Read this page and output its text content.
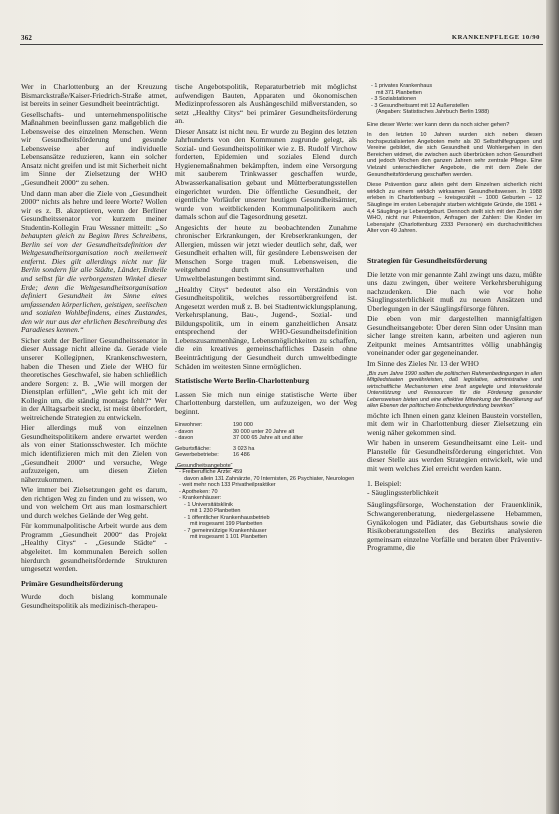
362	KRANKENPFLEGE 10/90

Wer in Charlottenburg an der Kreuzung Bismarckstraße/Kaiser-Friedrich-Straße atmet, ist bereits in seiner Gesundheit beeinträchtigt.

Gesellschafts- und unternehmenspolitische Maßnahmen beeinflussen ganz maßgeblich die Lebensweise des einzelnen Menschen. Wenn wir Gesundheitsförderung und gesunde Lebensweise aber auf individuelle Lebensansätze reduzieren, kann ein solcher Ansatz nicht greifen und ist mit Sicherheit nicht im Sinne der Zielsetzung der WHO „Gesundheit 2000“ zu sehen.

Und dann man aber die Ziele von „Gesundheit 2000“ nichts als hehre und leere Worte? Wollen wir es z. B. akzeptieren, wenn der Berliner Gesundheitssenator vor kurzem meiner Studentin-Kollegin Frau Wessner mitteilt: „So behaupten gleich zu Beginn Ihres Schreibens, Berlin sei von der Gesundheitsdefinition der Weltgesundheitsorganisation noch meilenweit entfernt. Dies gilt allerdings nicht nur für Berlin sondern für alle Städte, Länder, Erdteile und selbst für die verborgensten Winkel dieser Erde; denn die Weltgesundheitsorganisation definiert Gesundheit im Sinne eines umfassenden körperlichen, geistigen, seelischen und sozialen Wohlbefindens, eines Zustandes, den wir nur aus der ehrlichen Beschreibung des Paradieses kennen.“

Sicher steht der Berliner Gesundheitssenator in dieser Aussage nicht alleine da. Gerade viele unserer Kollegipnen, Krankenschwestern, haben die Thesen und Ziele der WHO für theoretisches Geschwafel, sie haben schließlich andere Sorgen: z. B. „Wie will morgen der Dienstplan erfüllen“, „Wie geht ich mit der Kollegin um, die ständig montags fehlt?“ Wer in der Alltagsarbeit steckt, ist meist überfordert, weitreichende Strategien zu entwickeln.

Hier allerdings muß von einzelnen Gesundheitspolitikern andere erwartet werden als von einer Stationsschwester. Ich möchte mich identifizieren mich mit den Zielen von „Gesundheit 2000“ und versuche, Wege aufzuzeigen, um diesen Zielen näherzukommen.

Wie immer bei Zielsetzungen geht es darum, den richtigen Weg zu finden und zu wissen, wo und von welchem Ort aus man losmarschiert und durch welches Gelände der Weg geht.

Für kommunalpolitische Arbeit wurde aus dem Programm „Gesundheit 2000“ das Projekt „Healthy Citys“ - „Gesunde Städte“ - abgeleitet. Im kommunalen Bereich sollen hierdurch gesundheitsfördernde Strukturen umgesetzt werden.

Primäre Gesundheitsförderung

Wurde doch bislang kommunale Gesundheitspolitik als medizinisch-therapeu-

tische Angebotspolitik, Reparaturbetrieb mit möglichst aufwendigen Bauten, Apparaten und ökonomischen Medizinprofessoren als Aushängeschild mißverstanden, so setzt „Healthy Citys“ bei primärer Gesundheitsförderung an.

Dieser Ansatz ist nicht neu. Er wurde zu Beginn des letzten Jahrhunderts von den Kommunen zugrunde gelegt, als Sozial- und Gesundheitspolitiker wie z. B. Rudolf Virchow forderten, Epidemien und soziales Elend durch Hygienemaßnahmen bekämpften, indem eine Versorgung mit sauberem Trinkwasser geschaffen wurde, Abwasserkanalisation gebaut und Mütterberatungsstellen eingerichtet wurden. Die öffentliche Gesundheit, der eigentliche Vorläufer unserer heutigen Gesundheitsämter, wurde von weitblickenden Kommunalpolitikern auch damals schon auf die Tagesordnung gesetzt.

Angesichts der heute zu beobachtenden Zunahme chronischer Erkrankungen, der Krebserkrankungen, der Allergien, müssen wir jetzt wieder deutlich sehr, daß, wer Gesundheit erhalten will, für gesündere Lebensweisen der Menschen Sorge tragen muß. Lebensweisen, die weitgehend durch Konsumverhalten und Umweltbelastungen bestimmt sind.

„Healthy Citys“ bedeutet also ein Verständnis von Gesundheitspolitik, welches ressortübergreifend ist. Angesetzt werden muß z. B. bei Stadtentwicklungsplanung, Verkehrsplanung, Bau-, Jugend-, Sozial- und Bildungspolitik, um in einem ganzheitlichen Ansatz entsprechend der WHO-Gesundheitsdefinition Lebenszusammenhänge, Lebensmöglichkeiten zu schaffen, die ein kreatives gemeinschaftliches Dasein ohne Beeinträchtigung der Gesundheit durch umweltbedingte Schäden im weitesten Sinne ermöglichen.

Statistische Werte Berlin-Charlottenburg

Lassen Sie mich nun einige statistische Werte über Charlottenburg darstellen, um aufzuzeigen, wo der Weg beginnt.

Einwohner:	190 000
- davon	30 000 unter 20 Jahre alt
- davon	37 000 65 Jahre alt und älter
Geburtsfläche:	3 023 ha
Gewerbebetriebe:	16 486
„Gesundheitsangebote“
- Freiberufliche Ärzte: 459
davon allein 131 Zahnärzte, 70 Internisten, 26 Psychiater, Neurologen
- weit mehr noch 133 Privatheilpraktiker
- Apotheken: 70
- Krankenhäuser:
- 1 Universitätsklinik
mit 1 230 Planbetten
- 1 öffentlicher Krankenhausbetrieb
mit insgesamt 199 Planbetten
- 7 gemeinnützige Krankenhäuser
mit insgesamt 1 101 Planbetten
- 1 privates Krankenhaus
mit 371 Planbetten
- 3 Sozialstationen
- 3 Gesundheitsamt mit 12 Außenstellen
(Angaben: Statistisches Jahrbuch Berlin 1988)

Eine dieser Werte: wer kann denn da noch sicher gehen?

In den letzten 10 Jahren wurden sich neben diesen hochspezialisierten Angeboten mehr als 30 Selbsthilfegruppen und Vereine gebildet, die sich Gesundheit und Wohlergehen in den Bereichen widmet, die zwischen auch überbrücken schon Gesundheit und jedoch Wochen den ganzen Jahren sehr zentrale Pflege. Eine Vielzahl unterschiedlicher Angebote, die mit dem Ziele der Gesundheitsförderung geschaffen werden.

Diese Prävention ganz allein geht dem Einzelnen sicherlich nicht wirklich zu einem wirklich wirksamen Gesundheitswesen. In 1988 erleben in Charlottenburg – kreisgezählt – 1000 Geburten – 12 Säuglinge im ersten Lebensjahr starben wichtigste Gründe, die 1981 + 4,4 Säuglinge je Lebendgeburt. Dennoch stellt sich mit den Zielen der WHO, nicht nur Prävention, Anfragen der Zahlen: Die Kinder im Lebensjahr (Charlottenburg 2333 Personen) ein durchschnittliches Alter von 49 Jahren.

Strategien für Gesundheitsförderung

Die letzte von mir genannte Zahl zwingt uns dazu, müßte uns dazu zwingen, über weitere Verkehrsberuhigung nachzudenken. Die nach wie vor hohe Säuglingssterblichkeit muß zu neuen Ansätzen und Überlegungen in der Säuglingsfürsorge führen.

Die eben von mir dargestellten mannigfaltigen Gesundheitsangebote: Über deren Sinn oder Unsinn man sicher lange streiten kann, arbeiten und agieren nun Zeitpunkt meines Amtsantrittes völlig unabhängig voneinander oder gar gegeneinander.

Im Sinne des Zieles Nr. 13 der WHO

„Bis zum Jahre 1990 sollten die politischen Rahmenbedingungen in allen Mitgliedstaaten gewährleisten, daß legislative, administrative und wirtschaftliche Mechanismen eine breit angelegte und intersektorale Unterstützung und Ressourcen für die Förderung gesunder Lebensweisen bieten und eine effektive Mitwirkung der Bevölkerung auf allen Ebenen der politischen Entscheidungsfindung bewirken“

möchte ich Ihnen einen ganz kleinen Baustein vorstellen, mit dem wir in Charlottenburg dieser Zielsetzung ein wenig näher gekommen sind.

Wir haben in unserem Gesundheitsamt eine Leit- und Planstelle für Gesundheitsförderung eingerichtet. Von dieser Stelle aus werden Strategien entwickelt, wie und mit wem welches Ziel erreicht werden kann.

1. Beispiel:
- Säuglingssterblichkeit

Säuglingsfürsorge, Wochenstation der Frauenklinik, Schwangerenberatung, niedergelassene Hebammen, Gynäkologen und Pädiater, das Geburtshaus sowie die Risikoberatungsstellen des Bezirks analysieren gemeinsam einzelne Vorfälle und beraten über Präventiv-Programme, die
